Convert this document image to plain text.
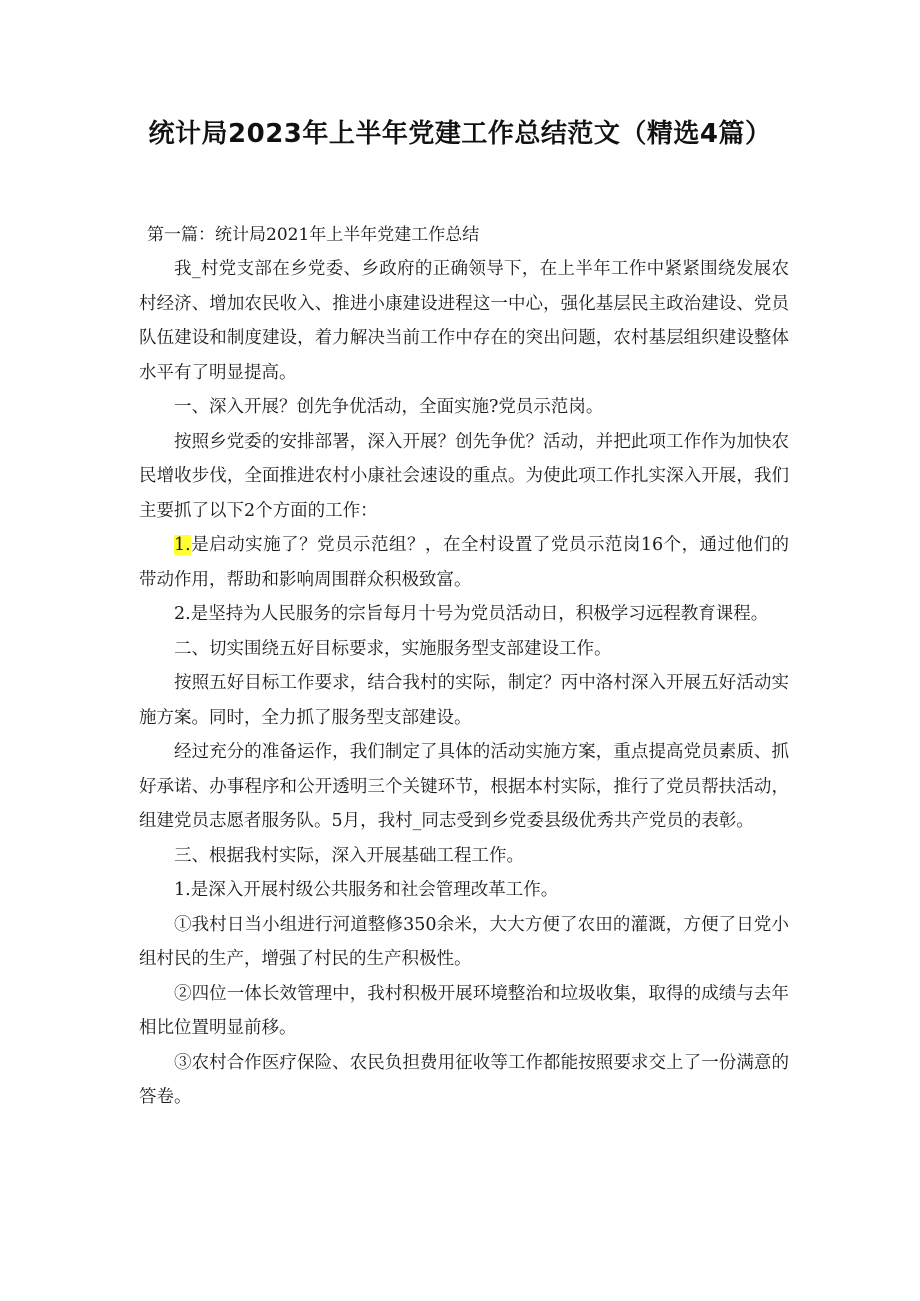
统计局2023年上半年党建工作总结范文（精选4篇）
第一篇：统计局2021年上半年党建工作总结

我_村党支部在乡党委、乡政府的正确领导下，在上半年工作中紧紧围绕发展农村经济、增加农民收入、推进小康建设进程这一中心，强化基层民主政治建设、党员队伍建设和制度建设，着力解决当前工作中存在的突出问题，农村基层组织建设整体水平有了明显提高。

一、深入开展？创先争优活动，全面实施?党员示范岗。

按照乡党委的安排部署，深入开展？创先争优？活动，并把此项工作作为加快农民增收步伐，全面推进农村小康社会速设的重点。为使此项工作扎实深入开展，我们主要抓了以下2个方面的工作：

1.是启动实施了？党员示范组？，在全村设置了党员示范岗16个，通过他们的带动作用，帮助和影响周围群众积极致富。

2.是坚持为人民服务的宗旨每月十号为党员活动日，积极学习远程教育课程。

二、切实围绕五好目标要求，实施服务型支部建设工作。

按照五好目标工作要求，结合我村的实际，制定？丙中洛村深入开展五好活动实施方案。同时，全力抓了服务型支部建设。

经过充分的准备运作，我们制定了具体的活动实施方案，重点提高党员素质、抓好承诺、办事程序和公开透明三个关键环节，根据本村实际，推行了党员帮扶活动，组建党员志愿者服务队。5月，我村_同志受到乡党委县级优秀共产党员的表彰。

三、根据我村实际，深入开展基础工程工作。

1.是深入开展村级公共服务和社会管理改革工作。

①我村日当小组进行河道整修350余米，大大方便了农田的灌溉，方便了日党小组村民的生产，增强了村民的生产积极性。

②四位一体长效管理中，我村积极开展环境整治和垃圾收集，取得的成绩与去年相比位置明显前移。

③农村合作医疗保险、农民负担费用征收等工作都能按照要求交上了一份满意的答卷。
